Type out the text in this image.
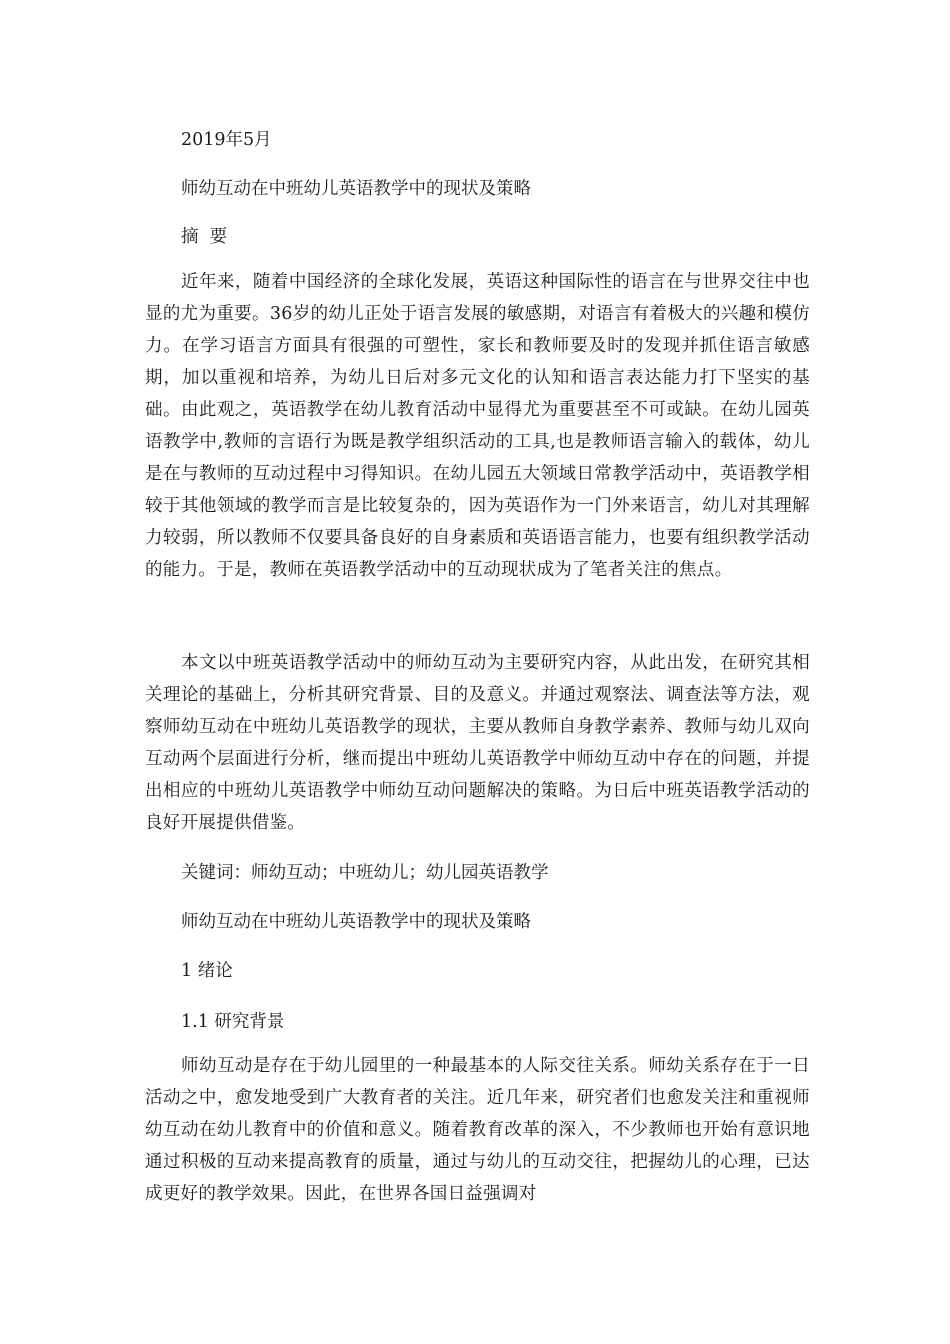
2019年5月
师幼互动在中班幼儿英语教学中的现状及策略
摘  要
近年来，随着中国经济的全球化发展，英语这种国际性的语言在与世界交往中也显的尤为重要。36岁的幼儿正处于语言发展的敏感期，对语言有着极大的兴趣和模仿力。在学习语言方面具有很强的可塑性，家长和教师要及时的发现并抓住语言敏感期，加以重视和培养，为幼儿日后对多元文化的认知和语言表达能力打下坚实的基础。由此观之，英语教学在幼儿教育活动中显得尤为重要甚至不可或缺。在幼儿园英语教学中,教师的言语行为既是教学组织活动的工具,也是教师语言输入的载体，幼儿是在与教师的互动过程中习得知识。在幼儿园五大领域日常教学活动中，英语教学相较于其他领域的教学而言是比较复杂的，因为英语作为一门外来语言，幼儿对其理解力较弱，所以教师不仅要具备良好的自身素质和英语语言能力，也要有组织教学活动的能力。于是，教师在英语教学活动中的互动现状成为了笔者关注的焦点。
本文以中班英语教学活动中的师幼互动为主要研究内容，从此出发，在研究其相关理论的基础上，分析其研究背景、目的及意义。并通过观察法、调查法等方法，观察师幼互动在中班幼儿英语教学的现状，主要从教师自身教学素养、教师与幼儿双向互动两个层面进行分析，继而提出中班幼儿英语教学中师幼互动中存在的问题，并提出相应的中班幼儿英语教学中师幼互动问题解决的策略。为日后中班英语教学活动的良好开展提供借鉴。
关键词：师幼互动；中班幼儿；幼儿园英语教学
师幼互动在中班幼儿英语教学中的现状及策略
1 绪论
1.1 研究背景
师幼互动是存在于幼儿园里的一种最基本的人际交往关系。师幼关系存在于一日活动之中，愈发地受到广大教育者的关注。近几年来，研究者们也愈发关注和重视师幼互动在幼儿教育中的价值和意义。随着教育改革的深入，不少教师也开始有意识地通过积极的互动来提高教育的质量，通过与幼儿的互动交往，把握幼儿的心理，已达成更好的教学效果。因此，在世界各国日益强调对
